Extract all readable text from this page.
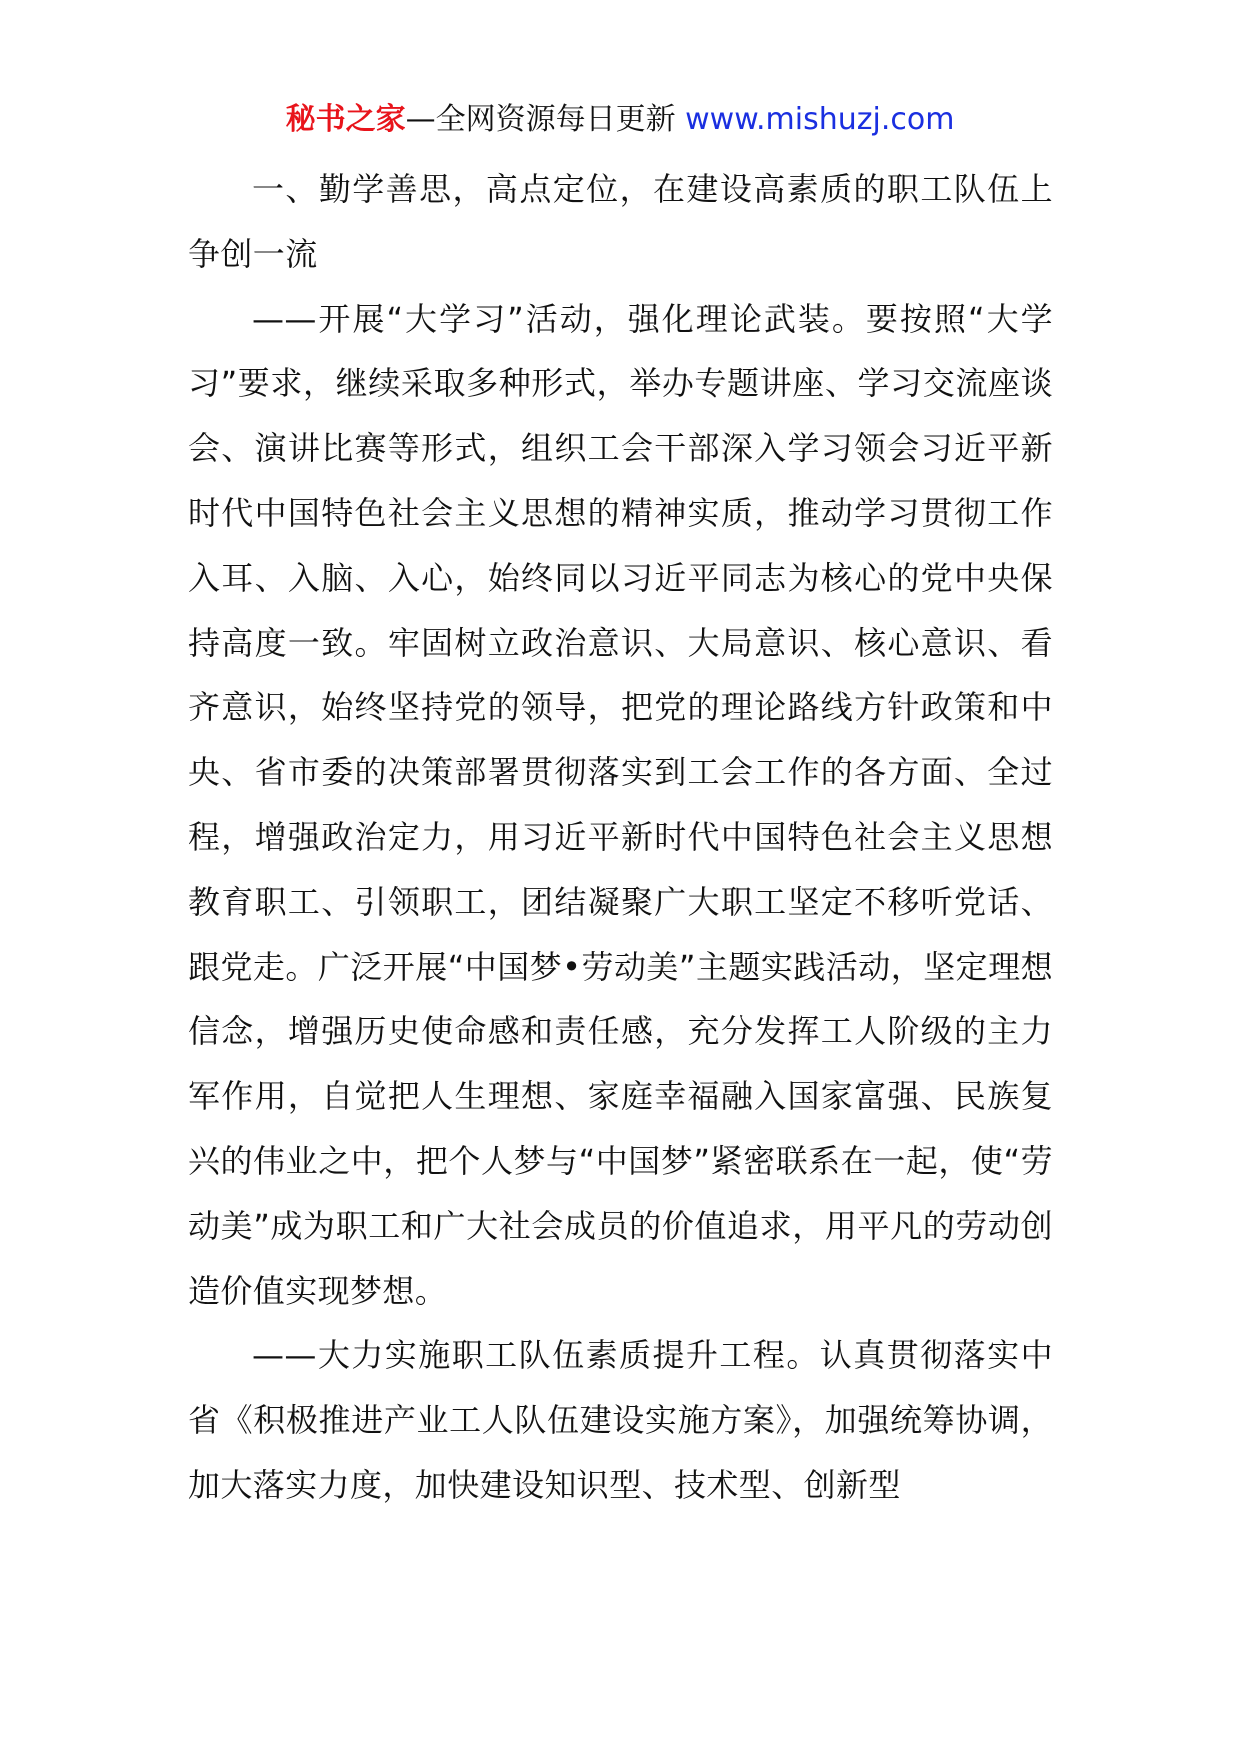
秘书之家—全网资源每日更新 www.mishuzj.com

一、勤学善思，高点定位，在建设高素质的职工队伍上争创一流

——开展“大学习”活动，强化理论武装。要按照“大学习”要求，继续采取多种形式，举办专题讲座、学习交流座谈会、演讲比赛等形式，组织工会干部深入学习领会习近平新时代中国特色社会主义思想的精神实质，推动学习贯彻工作入耳、入脑、入心，始终同以习近平同志为核心的党中央保持高度一致。牢固树立政治意识、大局意识、核心意识、看齐意识，始终坚持党的领导，把党的理论路线方针政策和中央、省市委的决策部署贯彻落实到工会工作的各方面、全过程，增强政治定力，用习近平新时代中国特色社会主义思想教育职工、引领职工，团结凝聚广大职工坚定不移听党话、跟党走。广泛开展“中国梦•劳动美”主题实践活动，坚定理想信念，增强历史使命感和责任感，充分发挥工人阶级的主力军作用，自觉把人生理想、家庭幸福融入国家富强、民族复兴的伟业之中，把个人梦与“中国梦”紧密联系在一起，使“劳动美”成为职工和广大社会成员的价值追求，用平凡的劳动创造价值实现梦想。

——大力实施职工队伍素质提升工程。认真贯彻落实中省《积极推进产业工人队伍建设实施方案》，加强统筹协调，加大落实力度，加快建设知识型、技术型、创新型
